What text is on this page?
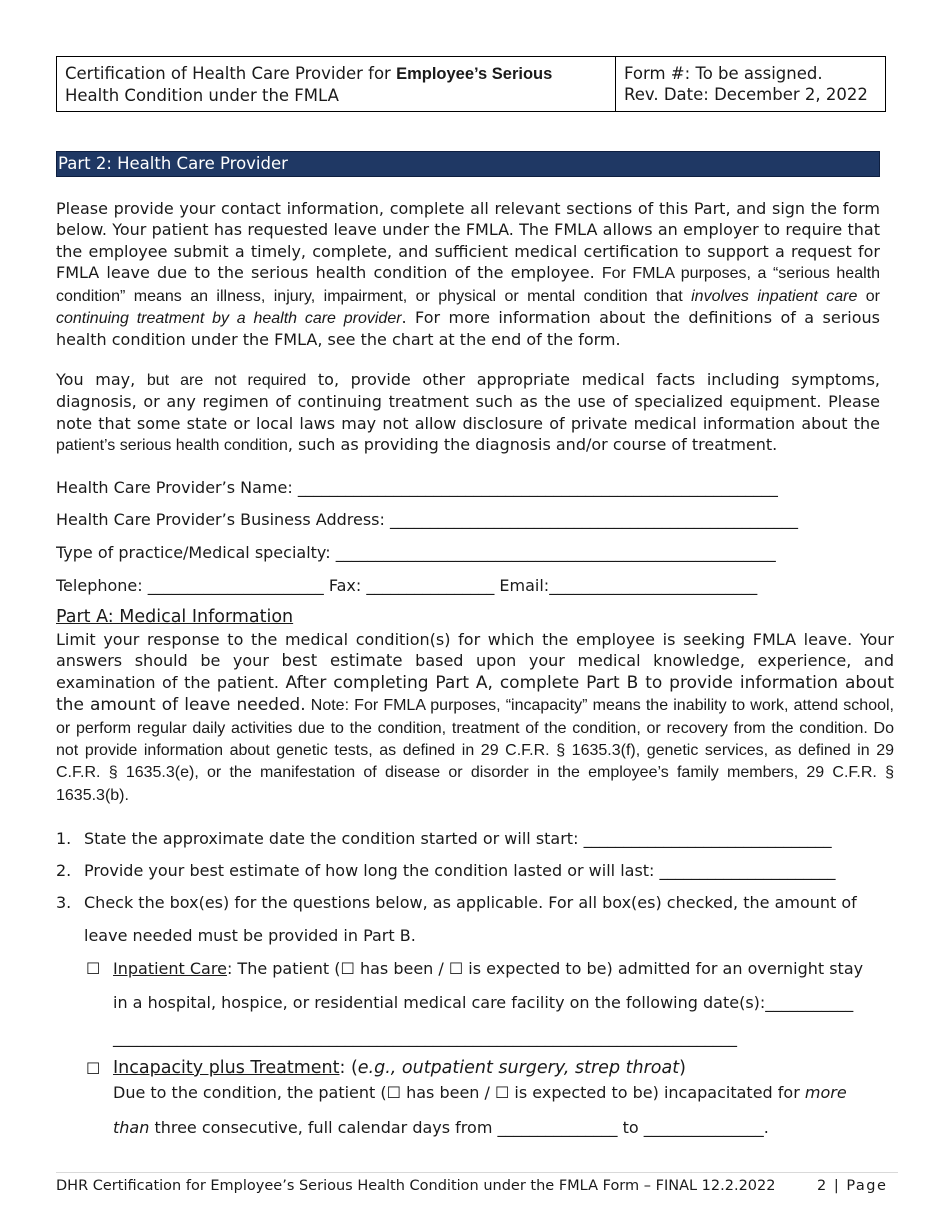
Certification of Health Care Provider for Employee’s Serious
Health Condition under the FMLA
Form #: To be assigned.
Rev. Date: December 2, 2022
Part 2: Health Care Provider
Please provide your contact information, complete all relevant sections of this Part, and sign the form below. Your patient has requested leave under the FMLA. The FMLA allows an employer to require that the employee submit a timely, complete, and sufficient medical certification to support a request for FMLA leave due to the serious health condition of the employee. For FMLA purposes, a “serious health condition” means an illness, injury, impairment, or physical or mental condition that involves inpatient care or continuing treatment by a health care provider. For more information about the definitions of a serious health condition under the FMLA, see the chart at the end of the form.
You may, but are not required to, provide other appropriate medical facts including symptoms, diagnosis, or any regimen of continuing treatment such as the use of specialized equipment. Please note that some state or local laws may not allow disclosure of private medical information about the patient’s serious health condition, such as providing the diagnosis and/or course of treatment.
Health Care Provider’s Name: ____________________________________________________________
Health Care Provider’s Business Address: ___________________________________________________
Type of practice/Medical specialty: _______________________________________________________
Telephone: ______________________ Fax: ________________ Email:__________________________
Part A: Medical Information
Limit your response to the medical condition(s) for which the employee is seeking FMLA leave. Your answers should be your best estimate based upon your medical knowledge, experience, and examination of the patient. After completing Part A, complete Part B to provide information about the amount of leave needed. Note: For FMLA purposes, “incapacity” means the inability to work, attend school, or perform regular daily activities due to the condition, treatment of the condition, or recovery from the condition. Do not provide information about genetic tests, as defined in 29 C.F.R. § 1635.3(f), genetic services, as defined in 29 C.F.R. § 1635.3(e), or the manifestation of disease or disorder in the employee’s family members, 29 C.F.R. § 1635.3(b).
1. State the approximate date the condition started or will start: _______________________________
2. Provide your best estimate of how long the condition lasted or will last: ______________________
3. Check the box(es) for the questions below, as applicable. For all box(es) checked, the amount of
leave needed must be provided in Part B.
☐ Inpatient Care: The patient (☐ has been / ☐ is expected to be) admitted for an overnight stay
in a hospital, hospice, or residential medical care facility on the following date(s):___________
______________________________________________________________________________
☐ Incapacity plus Treatment: (e.g., outpatient surgery, strep throat)
Due to the condition, the patient (☐ has been / ☐ is expected to be) incapacitated for more
than three consecutive, full calendar days from _______________ to _______________.
DHR Certification for Employee’s Serious Health Condition under the FMLA Form – FINAL 12.2.2022	2 | Page
